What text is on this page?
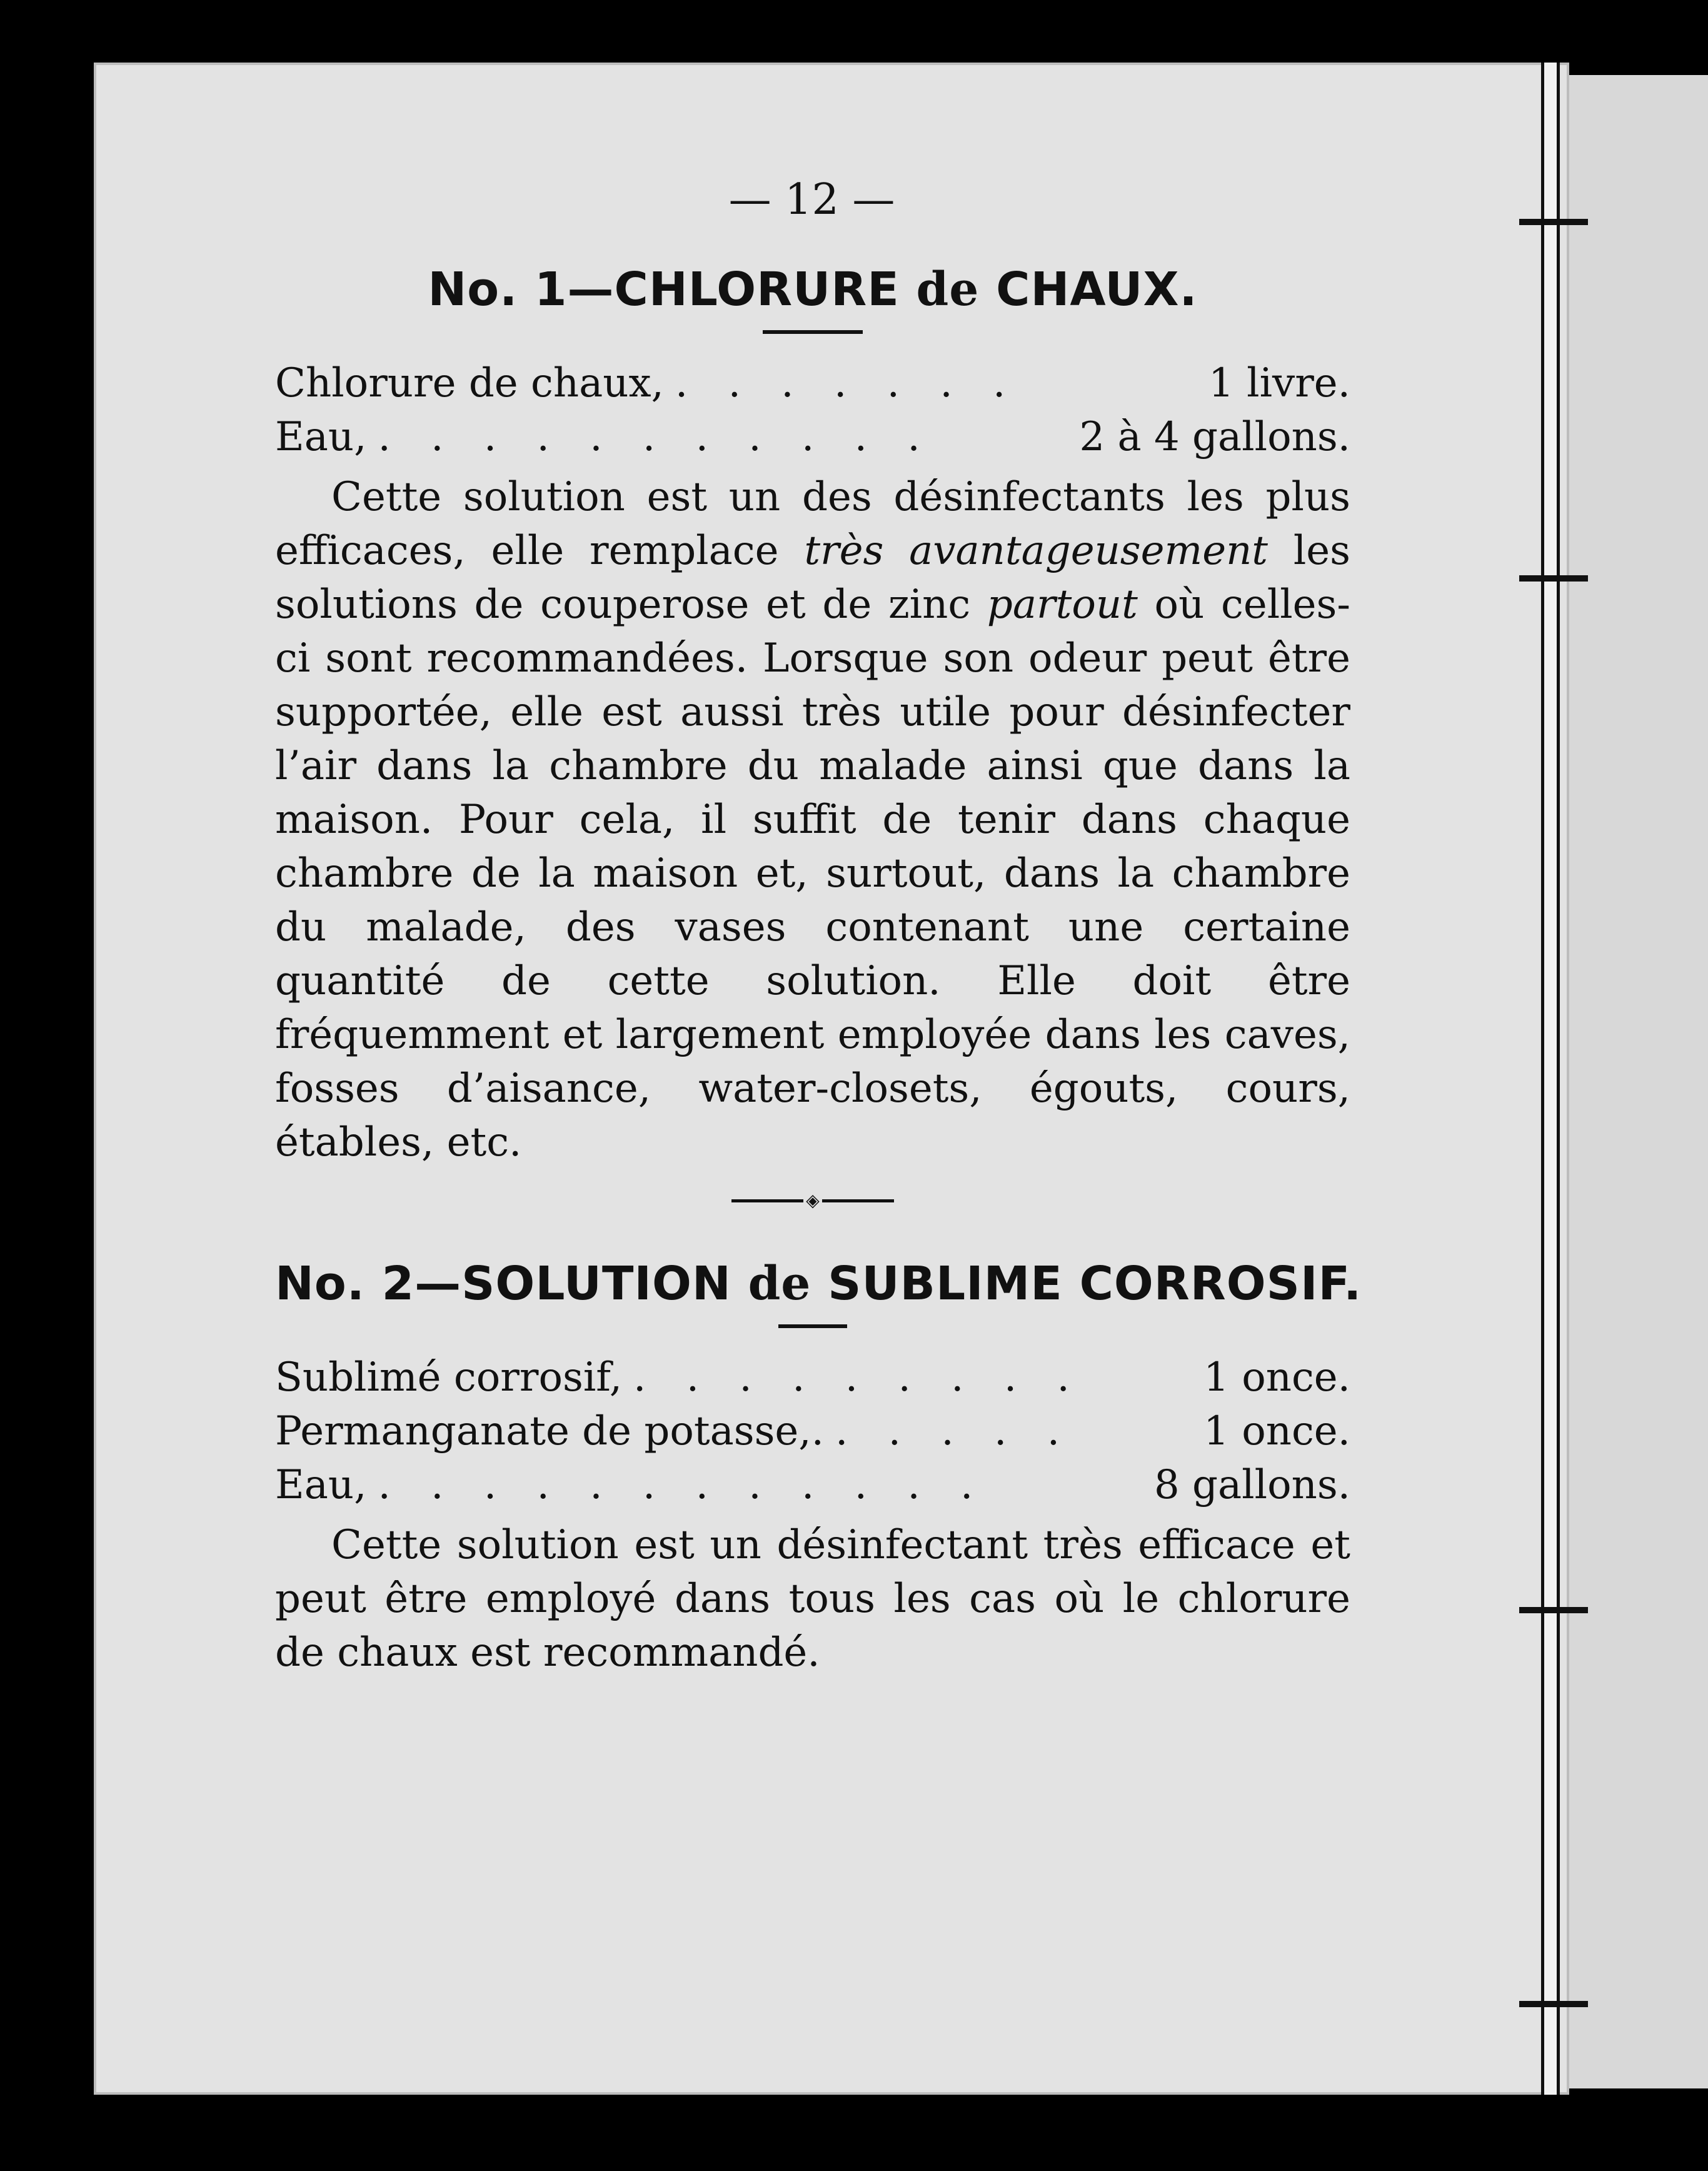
— 12 —
No. 1—CHLORURE de CHAUX.
Chlorure de chaux, . . . . . . .	1 livre.
Eau, . . . . . . . . . . .	2 à 4 gallons.
Cette solution est un des désinfectants les plus efficaces, elle remplace très avantageusement les solutions de couperose et de zinc partout où celles-ci sont recommandées. Lorsque son odeur peut être supportée, elle est aussi très utile pour désinfecter l’air dans la chambre du malade ainsi que dans la maison. Pour cela, il suffit de tenir dans chaque chambre de la maison et, surtout, dans la chambre du malade, des vases contenant une certaine quantité de cette solution. Elle doit être fréquemment et largement employée dans les caves, fosses d’aisance, water-closets, égouts, cours, étables, etc.
◈
No. 2—SOLUTION de SUBLIME CORROSIF.
Sublimé corrosif, . . . . . . . . .	1 once.
Permanganate de potasse,. . . . . .	1 once.
Eau, . . . . . . . . . . . .	8 gallons.
Cette solution est un désinfectant très efficace et peut être employé dans tous les cas où le chlorure de chaux est recommandé.
